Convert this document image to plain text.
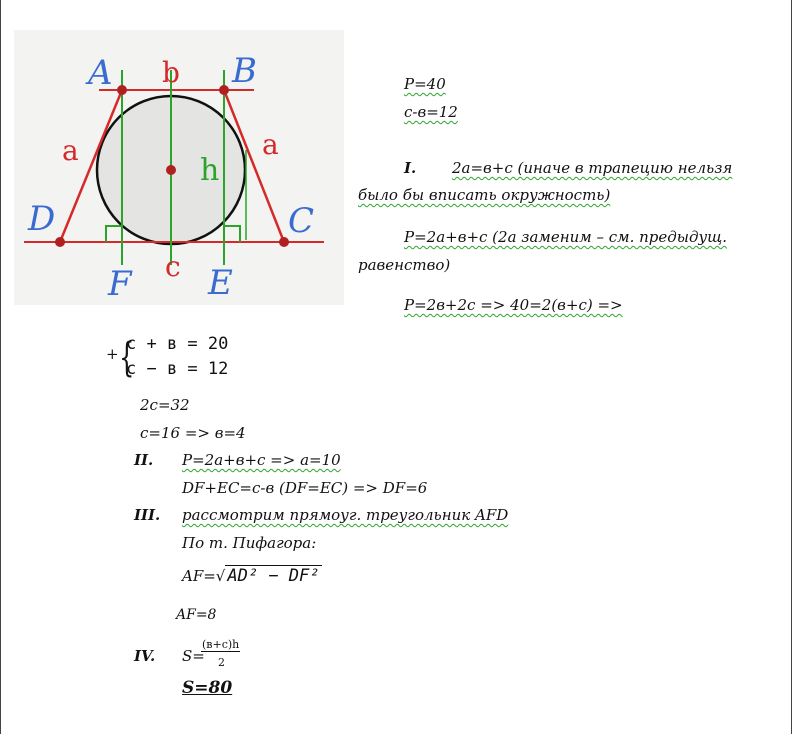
A	B
D	C
F E
b
c
a	a
h
P=40
c-в=12
I. 2a=в+c (иначе в трапецию нельзя
было бы вписать окружность)
P=2a+в+c (2a заменим – см. предыдущ.
равенство)
P=2в+2c => 40=2(в+c) =>
+ {
c + в = 20
c − в = 12
2c=32
c=16 => в=4
II. P=2a+в+c => a=10
DF+EC=c-в (DF=EC) => DF=6
III. рассмотрим прямоуг. треугольник AFD
По т. Пифагора:
AF=√ AD² − DF²
AF=8
IV. S=
(в+c)h
2
S=80
